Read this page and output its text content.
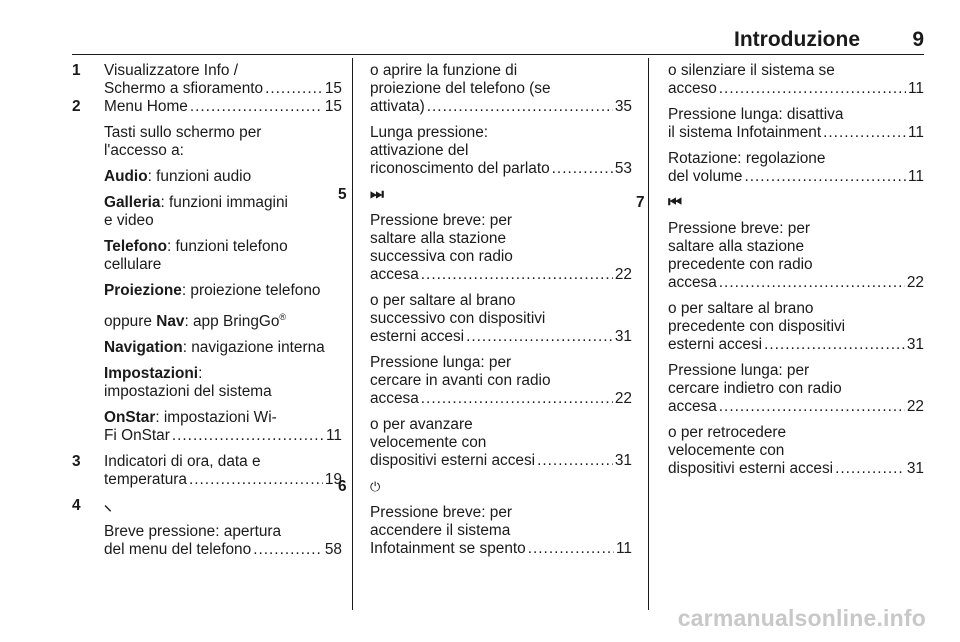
Introduzione 9
1 Visualizzatore Info /
Schermo a sfioramento .....	15
2 Menu Home .....	15
Tasti sullo schermo per
l'accesso a:
Audio: funzioni audio
Galleria: funzioni immagini
e video
Telefono: funzioni telefono
cellulare
Proiezione: proiezione telefono
oppure Nav: app BringGo®
Navigation: navigazione interna
Impostazioni:
impostazioni del sistema
OnStar: impostazioni Wi-
Fi OnStar .....	11
3 Indicatori di ora, data e
temperatura .....	19
4 ⸜
Breve pressione: apertura
del menu del telefono .....	58
o aprire la funzione di
proiezione del telefono (se
attivata) .....	35
Lunga pressione:
attivazione del
riconoscimento del parlato .....	53
5 ⏭
Pressione breve: per
saltare alla stazione
successiva con radio
accesa .....	22
o per saltare al brano
successivo con dispositivi
esterni accesi .....	31
Pressione lunga: per
cercare in avanti con radio
accesa .....	22
o per avanzare
velocemente con
dispositivi esterni accesi .....	31
6 ⏻
Pressione breve: per
accendere il sistema
Infotainment se spento .....	11
o silenziare il sistema se
acceso .....	11
Pressione lunga: disattiva
il sistema Infotainment .....	11
Rotazione: regolazione
del volume .....	11
7 ⏮
Pressione breve: per
saltare alla stazione
precedente con radio
accesa .....	22
o per saltare al brano
precedente con dispositivi
esterni accesi .....	31
Pressione lunga: per
cercare indietro con radio
accesa .....	22
o per retrocedere
velocemente con
dispositivi esterni accesi .....	31
carmanualsonline.info
